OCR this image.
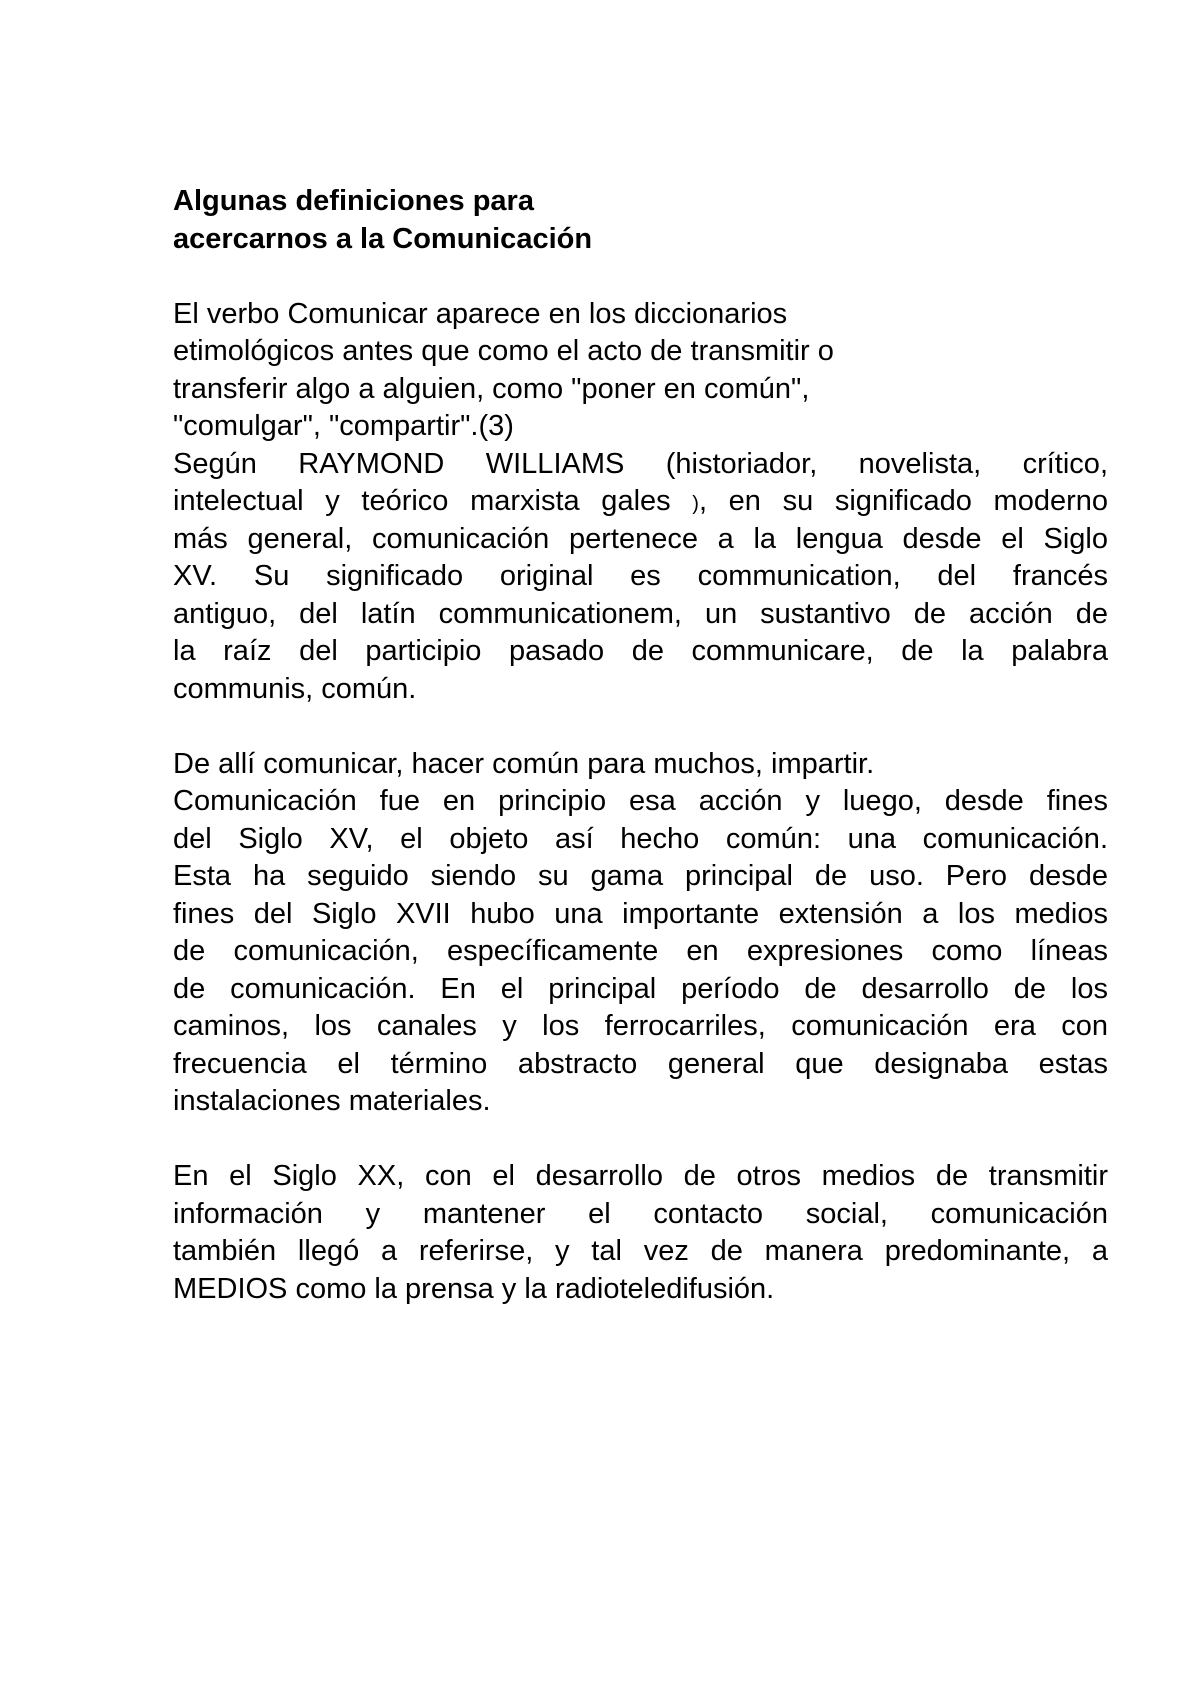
Algunas definiciones para

acercarnos a la Comunicación

El verbo Comunicar aparece en los diccionarios

etimológicos antes que como el acto de transmitir o

transferir algo a alguien, como "poner en común",

"comulgar", "compartir".(3)

Según RAYMOND WILLIAMS (historiador, novelista, crítico,

intelectual y teórico marxista gales ), en su significado moderno

más general, comunicación pertenece a la lengua desde el Siglo

XV. Su significado original es communication, del francés

antiguo, del latín communicationem, un sustantivo de acción de

la raíz del participio pasado de communicare, de la palabra

communis, común.

De allí comunicar, hacer común para muchos, impartir.

Comunicación fue en principio esa acción y luego, desde fines

del Siglo XV, el objeto así hecho común: una comunicación.

Esta ha seguido siendo su gama principal de uso. Pero desde

fines del Siglo XVII hubo una importante extensión a los medios

de comunicación, específicamente en expresiones como líneas

de comunicación. En el principal período de desarrollo de los

caminos, los canales y los ferrocarriles, comunicación era con

frecuencia el término abstracto general que designaba estas

instalaciones materiales.

En el Siglo XX, con el desarrollo de otros medios de transmitir

información y mantener el contacto social, comunicación

también llegó a referirse, y tal vez de manera predominante, a

MEDIOS como la prensa y la radioteledifusión.
